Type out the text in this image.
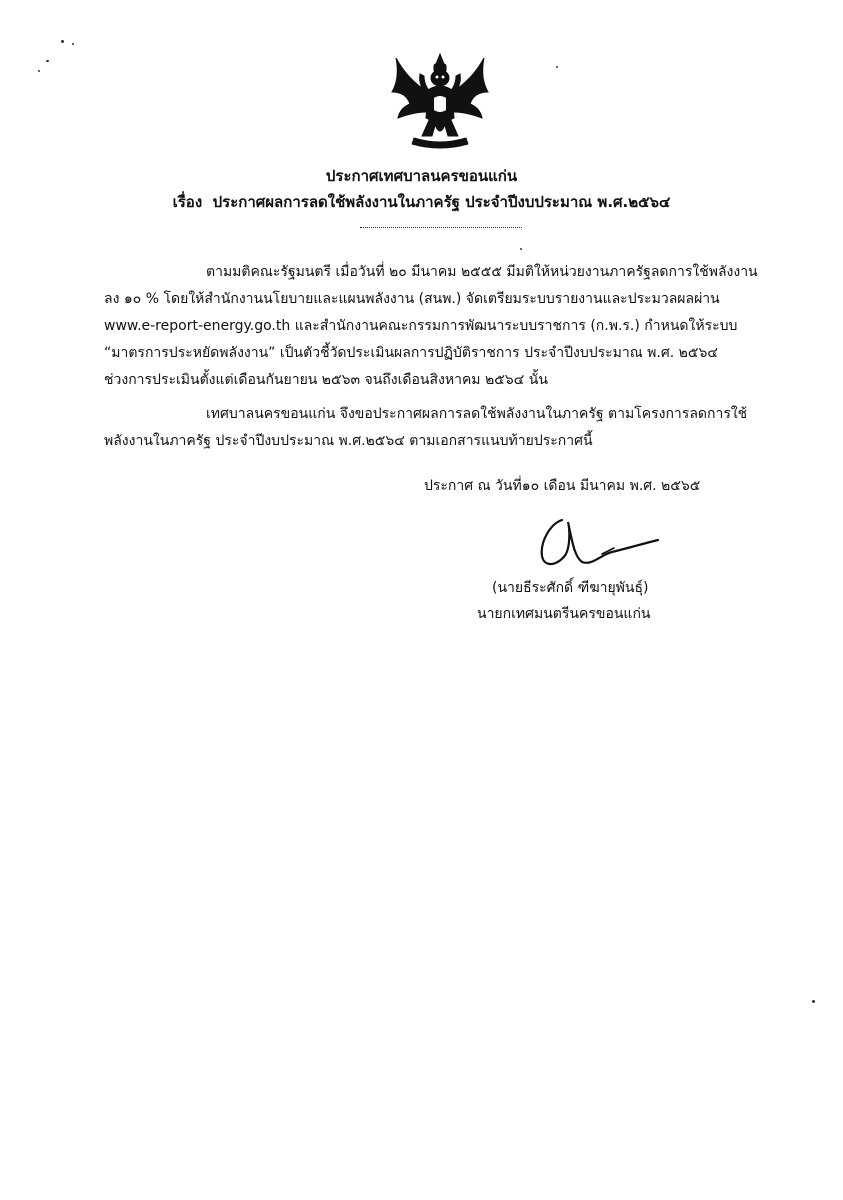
ประกาศเทศบาลนครขอนแก่น
เรื่อง ประกาศผลการลดใช้พลังงานในภาครัฐ ประจำปีงบประมาณ พ.ศ.๒๕๖๔
ตามมติคณะรัฐมนตรี เมื่อวันที่ ๒๐ มีนาคม ๒๕๕๕ มีมติให้หน่วยงานภาครัฐลดการใช้พลังงาน
ลง ๑๐ % โดยให้สำนักงานนโยบายและแผนพลังงาน (สนพ.) จัดเตรียมระบบรายงานและประมวลผลผ่าน
www.e-report-energy.go.th และสำนักงานคณะกรรมการพัฒนาระบบราชการ (ก.พ.ร.) กำหนดให้ระบบ
“มาตรการประหยัดพลังงาน” เป็นตัวชี้วัดประเมินผลการปฏิบัติราชการ ประจำปีงบประมาณ พ.ศ. ๒๕๖๔
ช่วงการประเมินตั้งแต่เดือนกันยายน ๒๕๖๓ จนถึงเดือนสิงหาคม ๒๕๖๔ นั้น
เทศบาลนครขอนแก่น จึงขอประกาศผลการลดใช้พลังงานในภาครัฐ ตามโครงการลดการใช้
พลังงานในภาครัฐ ประจำปีงบประมาณ พ.ศ.๒๕๖๔ ตามเอกสารแนบท้ายประกาศนี้
ประกาศ ณ วันที่๑๐ เดือน มีนาคม พ.ศ. ๒๕๖๕
(นายธีระศักดิ์ ฑีฆายุพันธุ์)
นายกเทศมนตรีนครขอนแก่น
